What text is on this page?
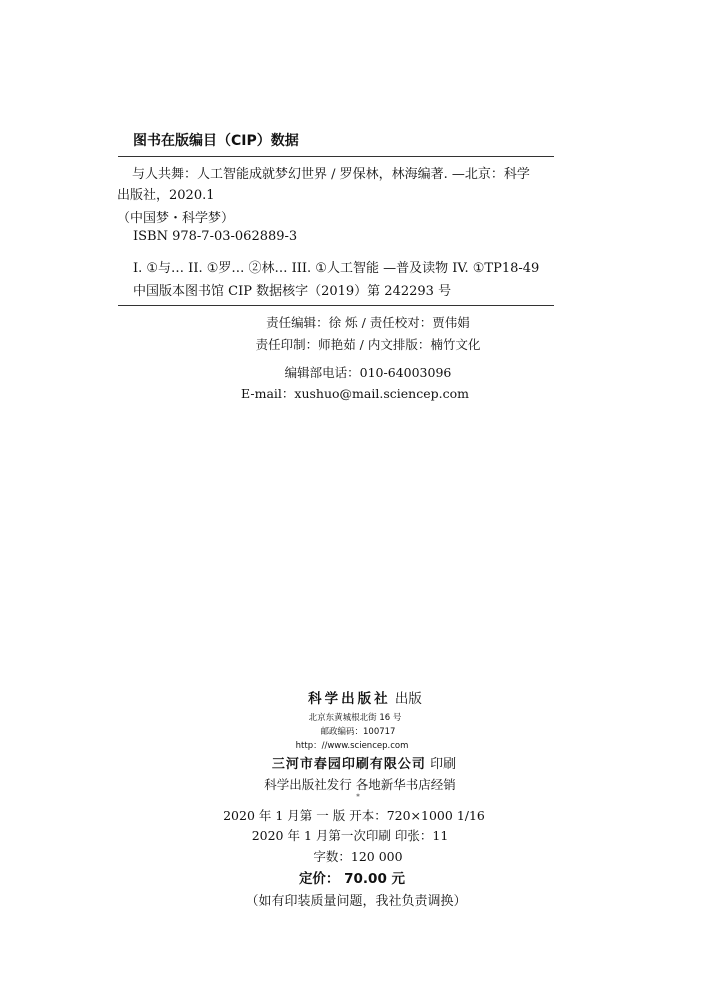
图书在版编目（CIP）数据
与人共舞：人工智能成就梦幻世界 / 罗保林，林海编著. —北京：科学
出版社，2020.1
（中国梦・科学梦）
ISBN 978-7-03-062889-3
I. ①与… II. ①罗… ②林… III. ①人工智能 —普及读物 IV. ①TP18-49
中国版本图书馆 CIP 数据核字（2019）第 242293 号
责任编辑：徐 烁 / 责任校对：贾伟娟
责任印制：师艳茹 / 内文排版：楠竹文化
编辑部电话：010-64003096
E-mail：xushuo@mail.sciencep.com
科学出版社 出版
北京东黄城根北街 16 号
邮政编码：100717
http：//www.sciencep.com
三河市春园印刷有限公司 印刷
科学出版社发行 各地新华书店经销
*
2020 年 1 月第 一 版 开本：720×1000 1/16
2020 年 1 月第一次印刷 印张：11
字数：120 000
定价： 70.00 元
（如有印装质量问题，我社负责调换）
